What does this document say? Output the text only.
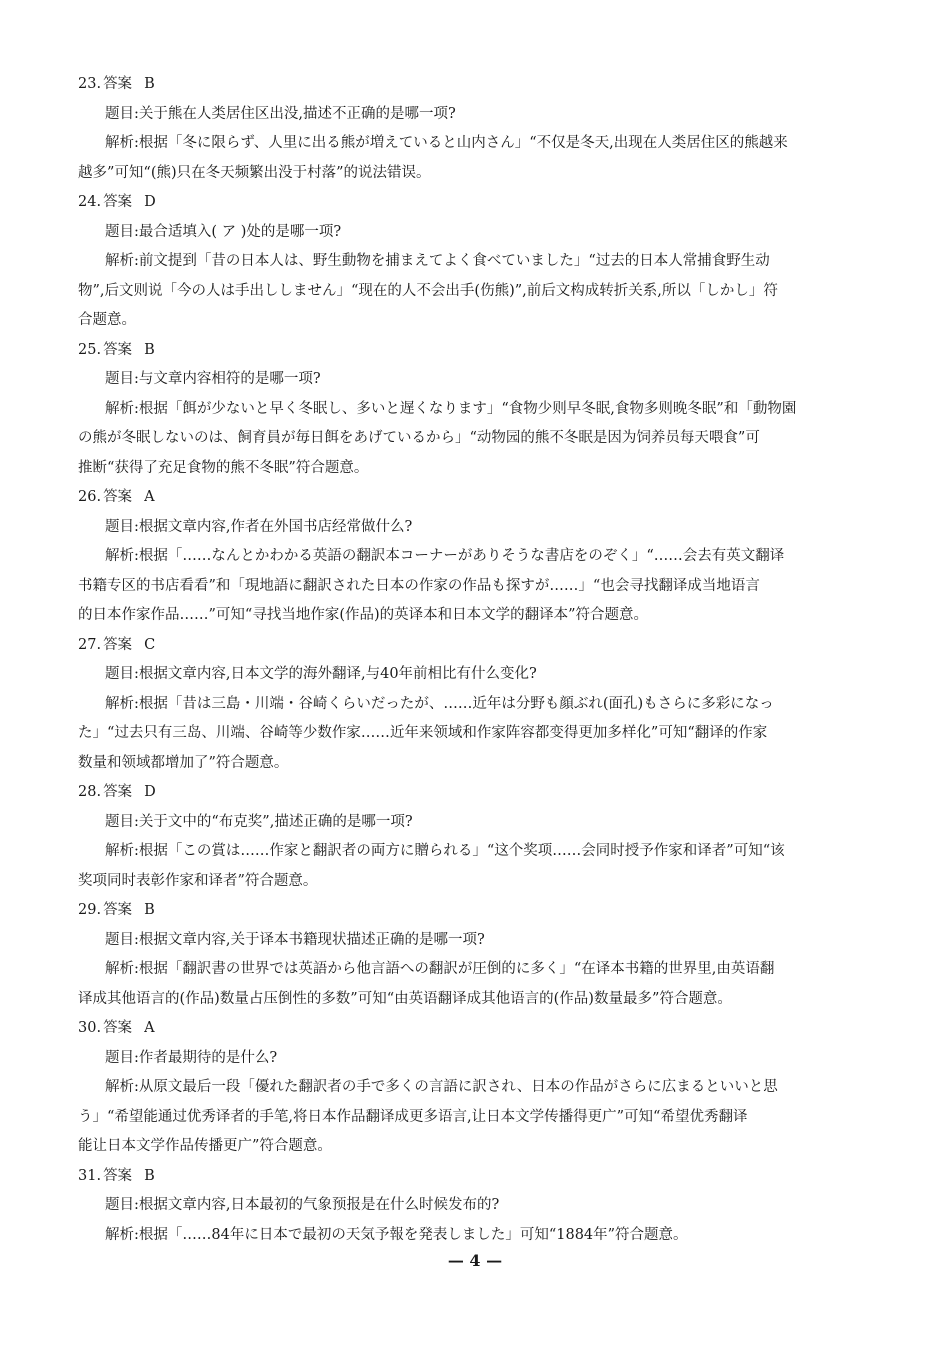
23. 答案 B
题目:关于熊在人类居住区出没,描述不正确的是哪一项?
解析:根据「冬に限らず、人里に出る熊が増えていると山内さん」“不仅是冬天,出现在人类居住区的熊越来
越多”可知“(熊)只在冬天频繁出没于村落”的说法错误。
24. 答案 D
题目:最合适填入( ア )处的是哪一项?
解析:前文提到「昔の日本人は、野生動物を捕まえてよく食べていました」“过去的日本人常捕食野生动
物”,后文则说「今の人は手出ししません」“现在的人不会出手(伤熊)”,前后文构成转折关系,所以「しかし」符
合题意。
25. 答案 B
题目:与文章内容相符的是哪一项?
解析:根据「餌が少ないと早く冬眠し、多いと遅くなります」“食物少则早冬眠,食物多则晚冬眠”和「動物園
の熊が冬眠しないのは、飼育員が毎日餌をあげているから」“动物园的熊不冬眠是因为饲养员每天喂食”可
推断“获得了充足食物的熊不冬眠”符合题意。
26. 答案 A
题目:根据文章内容,作者在外国书店经常做什么?
解析:根据「……なんとかわかる英語の翻訳本コーナーがありそうな書店をのぞく」“……会去有英文翻译
书籍专区的书店看看”和「現地語に翻訳された日本の作家の作品も探すが……」“也会寻找翻译成当地语言
的日本作家作品……”可知“寻找当地作家(作品)的英译本和日本文学的翻译本”符合题意。
27. 答案 C
题目:根据文章内容,日本文学的海外翻译,与40年前相比有什么变化?
解析:根据「昔は三島・川端・谷崎くらいだったが、……近年は分野も顔ぶれ(面孔)もさらに多彩になっ
た」“过去只有三岛、川端、谷崎等少数作家……近年来领域和作家阵容都变得更加多样化”可知“翻译的作家
数量和领域都增加了”符合题意。
28. 答案 D
题目:关于文中的“布克奖”,描述正确的是哪一项?
解析:根据「この賞は……作家と翻訳者の両方に贈られる」“这个奖项……会同时授予作家和译者”可知“该
奖项同时表彰作家和译者”符合题意。
29. 答案 B
题目:根据文章内容,关于译本书籍现状描述正确的是哪一项?
解析:根据「翻訳書の世界では英語から他言語への翻訳が圧倒的に多く」“在译本书籍的世界里,由英语翻
译成其他语言的(作品)数量占压倒性的多数”可知“由英语翻译成其他语言的(作品)数量最多”符合题意。
30. 答案 A
题目:作者最期待的是什么?
解析:从原文最后一段「優れた翻訳者の手で多くの言語に訳され、日本の作品がさらに広まるといいと思
う」“希望能通过优秀译者的手笔,将日本作品翻译成更多语言,让日本文学传播得更广”可知“希望优秀翻译
能让日本文学作品传播更广”符合题意。
31. 答案 B
题目:根据文章内容,日本最初的气象预报是在什么时候发布的?
解析:根据「……84年に日本で最初の天気予報を発表しました」可知“1884年”符合题意。
— 4 —
